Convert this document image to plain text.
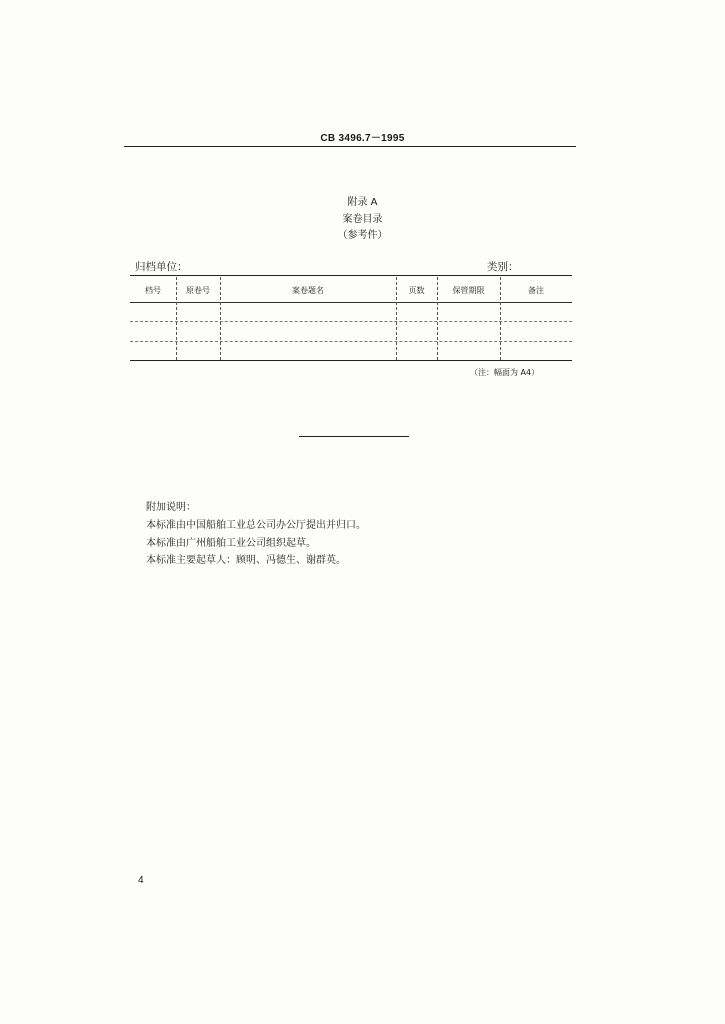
CB 3496.7－1995
附录 A
案卷目录
（参考件）
归档单位：	类别：
档号	原卷号	案卷题名	页数	保管期限	备注
（注：幅面为 A4）
附加说明：
本标准由中国船舶工业总公司办公厅提出并归口。
本标准由广州船舶工业公司组织起草。
本标准主要起草人：顾明、冯德生、谢群英。
4
